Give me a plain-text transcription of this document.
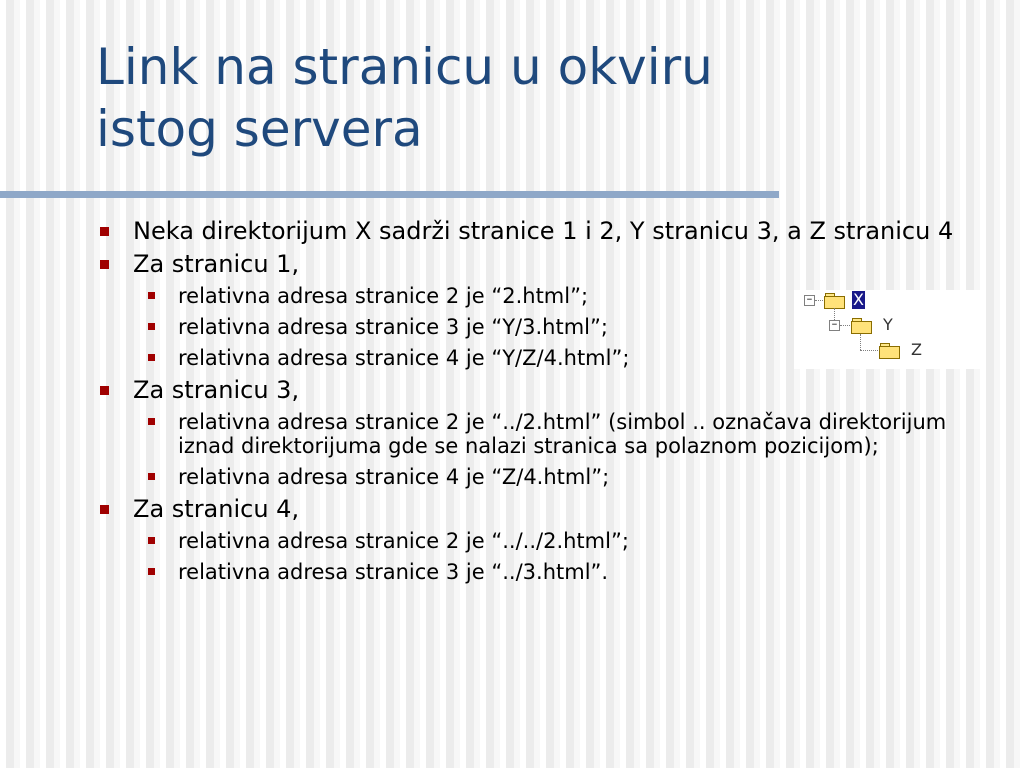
Link na stranicu u okviru
istog servera
Neka direktorijum X sadrži stranice 1 i 2, Y stranicu 3, a Z stranicu 4
Za stranicu 1,
relativna adresa stranice 2 je “2.html”;
relativna adresa stranice 3 je “Y/3.html”;
relativna adresa stranice 4 je “Y/Z/4.html”;
Za stranicu 3,
relativna adresa stranice 2 je “../2.html” (simbol .. označava direktorijum iznad direktorijuma gde se nalazi stranica sa polaznom pozicijom);
relativna adresa stranice 4 je “Z/4.html”;
Za stranicu 4,
relativna adresa stranice 2 je “../../2.html”;
relativna adresa stranice 3 je “../3.html”.
−	X
−	Y
Z
